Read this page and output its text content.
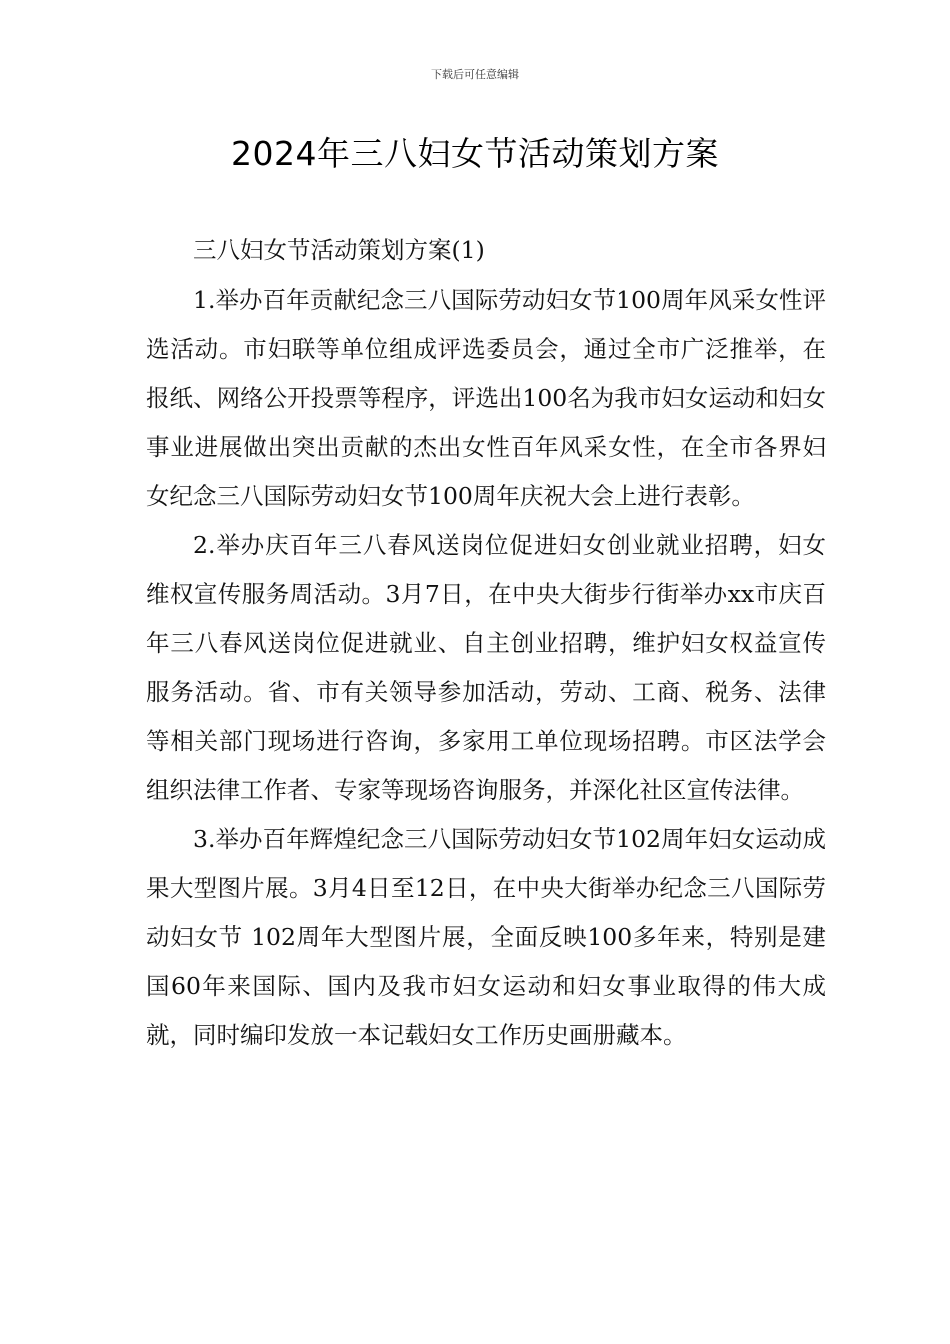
下载后可任意编辑
2024年三八妇女节活动策划方案

三八妇女节活动策划方案(1)

1.举办百年贡献纪念三八国际劳动妇女节100周年风采女性评选活动。市妇联等单位组成评选委员会，通过全市广泛推举，在报纸、网络公开投票等程序，评选出100名为我市妇女运动和妇女事业进展做出突出贡献的杰出女性百年风采女性，在全市各界妇女纪念三八国际劳动妇女节100周年庆祝大会上进行表彰。

2.举办庆百年三八春风送岗位促进妇女创业就业招聘，妇女维权宣传服务周活动。3月7日，在中央大街步行街举办xx市庆百年三八春风送岗位促进就业、自主创业招聘，维护妇女权益宣传服务活动。省、市有关领导参加活动，劳动、工商、税务、法律等相关部门现场进行咨询，多家用工单位现场招聘。市区法学会组织法律工作者、专家等现场咨询服务，并深化社区宣传法律。

3.举办百年辉煌纪念三八国际劳动妇女节102周年妇女运动成果大型图片展。3月4日至12日，在中央大街举办纪念三八国际劳动妇女节 102周年大型图片展，全面反映100多年来，特别是建国60年来国际、国内及我市妇女运动和妇女事业取得的伟大成就，同时编印发放一本记载妇女工作历史画册藏本。
